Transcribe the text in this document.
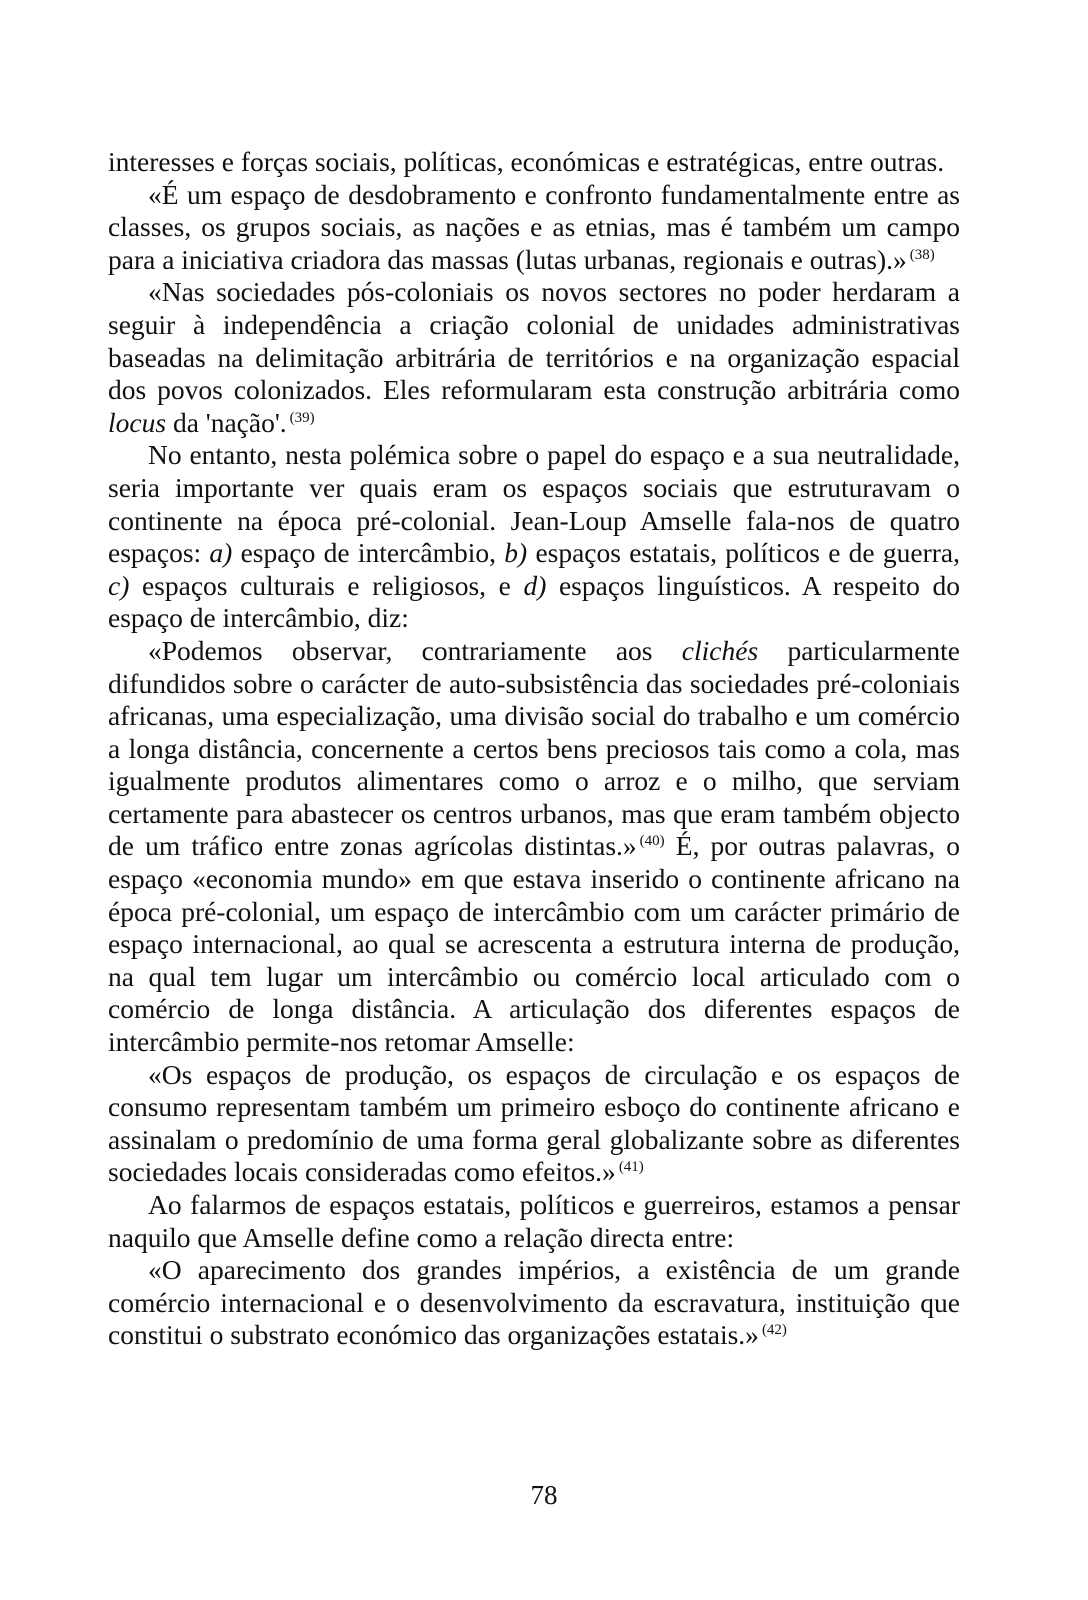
interesses e forças sociais, políticas, económicas e estratégicas, entre outras.

«É um espaço de desdobramento e confronto fundamentalmente entre as classes, os grupos sociais, as nações e as etnias, mas é também um campo para a iniciativa criadora das massas (lutas urbanas, regionais e outras).» $^{(38)}$

«Nas sociedades pós-coloniais os novos sectores no poder herdaram a seguir à independência a criação colonial de unidades administrativas baseadas na delimitação arbitrária de territórios e na organização espacial dos povos colonizados. Eles reformularam esta construção arbitrária como locus da 'nação'. $^{(39)}$

No entanto, nesta polémica sobre o papel do espaço e a sua neutralidade, seria importante ver quais eram os espaços sociais que estruturavam o continente na época pré-colonial. Jean-Loup Amselle fala-nos de quatro espaços: a) espaço de intercâmbio, b) espaços estatais, políticos e de guerra, c) espaços culturais e religiosos, e d) espaços linguísticos. A respeito do espaço de intercâmbio, diz:

«Podemos observar, contrariamente aos clichés particularmente difundidos sobre o carácter de auto-subsistência das sociedades pré-coloniais africanas, uma especialização, uma divisão social do trabalho e um comércio a longa distância, concernente a certos bens preciosos tais como a cola, mas igualmente produtos alimentares como o arroz e o milho, que serviam certamente para abastecer os centros urbanos, mas que eram também objecto de um tráfico entre zonas agrícolas distintas.» $^{(40)}$ É, por outras palavras, o espaço «economia mundo» em que estava inserido o continente africano na época pré-colonial, um espaço de intercâmbio com um carácter primário de espaço internacional, ao qual se acrescenta a estrutura interna de produção, na qual tem lugar um intercâmbio ou comércio local articulado com o comércio de longa distância. A articulação dos diferentes espaços de intercâmbio permite-nos retomar Amselle:

«Os espaços de produção, os espaços de circulação e os espaços de consumo representam também um primeiro esboço do continente africano e assinalam o predomínio de uma forma geral globalizante sobre as diferentes sociedades locais consideradas como efeitos.» $^{(41)}$

Ao falarmos de espaços estatais, políticos e guerreiros, estamos a pensar naquilo que Amselle define como a relação directa entre:

«O aparecimento dos grandes impérios, a existência de um grande comércio internacional e o desenvolvimento da escravatura, instituição que constitui o substrato económico das organizações estatais.» $^{(42)}$

78
